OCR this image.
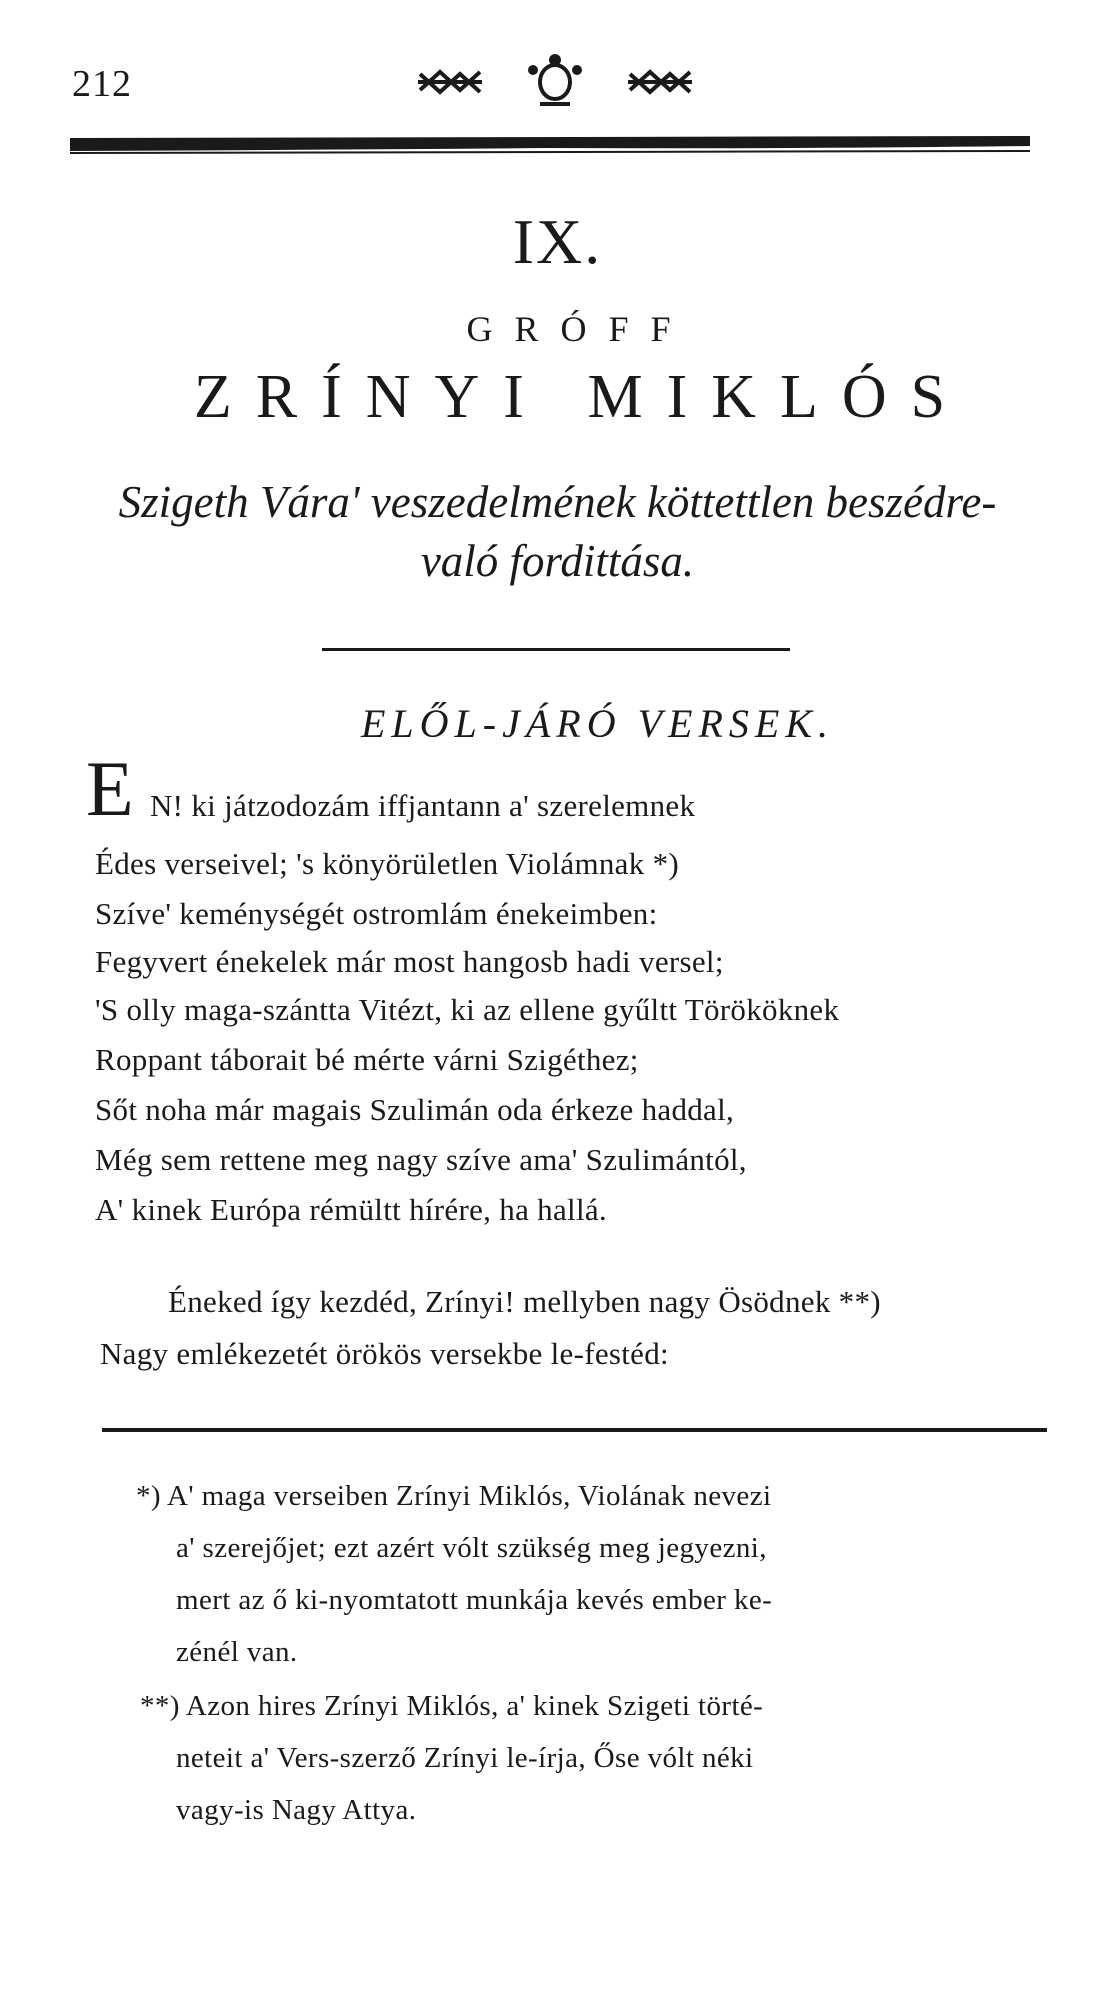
212
IX.
GRÓFF
ZRÍNYI MIKLÓS
Szigeth Vára' veszedelmének köttettlen beszédre-
való fordittása.
ELŐL-JÁRÓ VERSEK.
E N! ki játzodozám iffjantann a' szerelemnek
Édes verseivel; 's könyörületlen Violámnak *)
Szíve' keménységét ostromlám énekeimben:
Fegyvert énekelek már most hangosb hadi versel;
'S olly maga-szántta Vitézt, ki az ellene gyűltt Törököknek
Roppant táborait bé mérte várni Szigéthez;
Sőt noha már magais Szulimán oda érkeze haddal,
Még sem rettene meg nagy szíve ama' Szulimántól,
A' kinek Európa rémültt hírére, ha hallá.
Éneked így kezdéd, Zrínyi! mellyben nagy Ösödnek **)
Nagy emlékezetét örökös versekbe le-festéd:
*) A' maga verseiben Zrínyi Miklós, Violának nevezi
a' szerejőjet; ezt azért vólt szükség meg jegyezni,
mert az ő ki-nyomtatott munkája kevés ember ke-
zénél van.
**) Azon hires Zrínyi Miklós, a' kinek Szigeti törté-
neteit a' Vers-szerző Zrínyi le-írja, Őse vólt néki
vagy-is Nagy Attya.
